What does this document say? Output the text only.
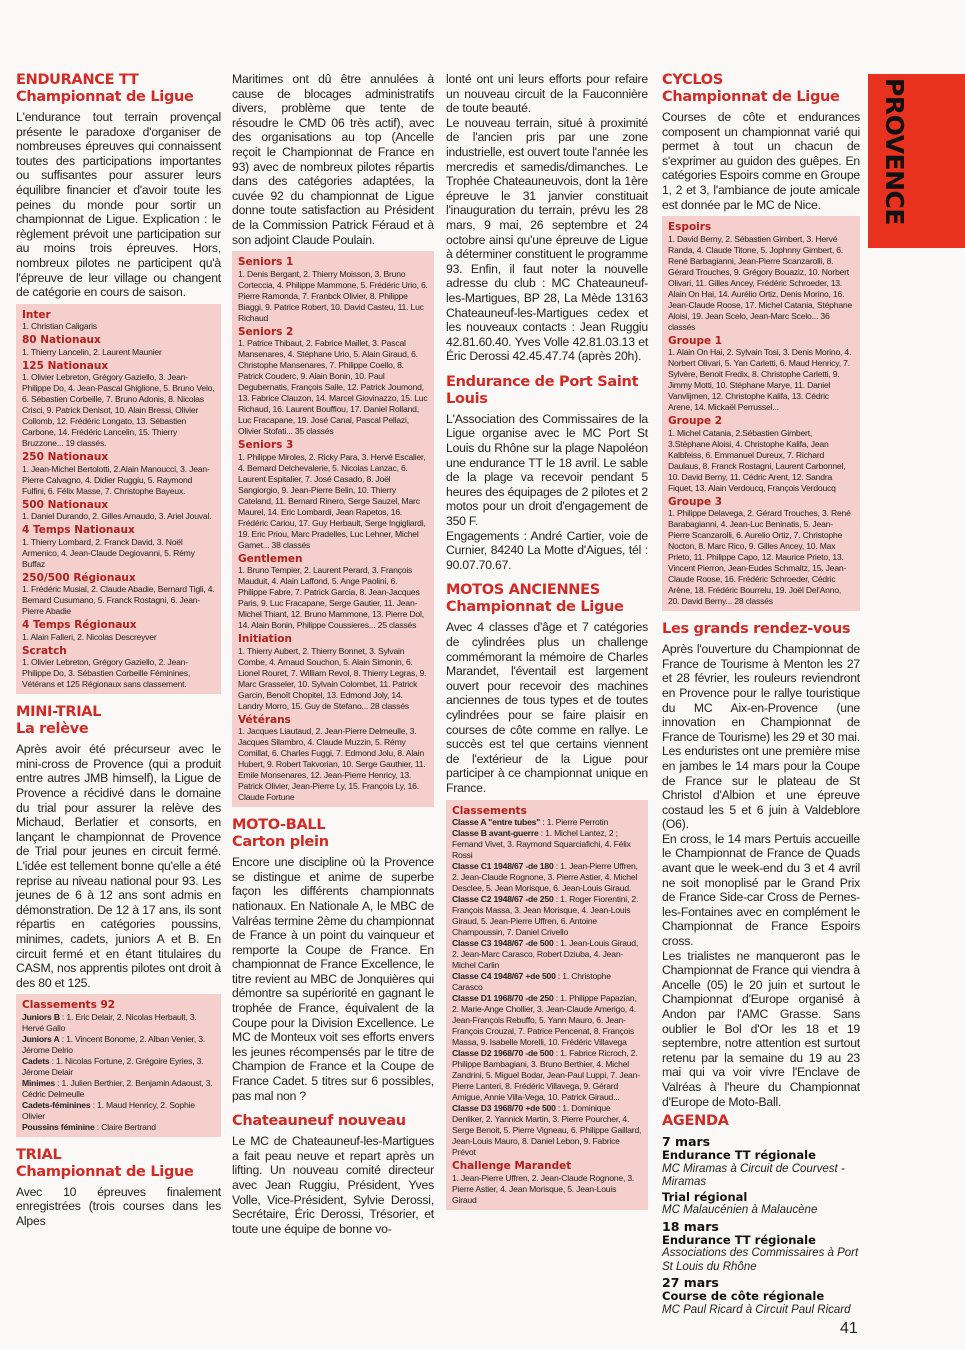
PROVENCE
ENDURANCE TT
Championnat de Ligue

L'endurance tout terrain provençal présente le paradoxe d'organiser de nombreuses épreuves qui connaissent toutes des participations importantes ou suffisantes pour assurer leurs équilibre financier et d'avoir toute les peines du monde pour sortir un championnat de Ligue. Explication : le règlement prévoit une participation sur au moins trois épreuves. Hors, nombreux pilotes ne participent qu'à l'épreuve de leur village ou changent de catégorie en cours de saison.

Inter

1. Christian Caligaris

80 Nationaux

1. Thierry Lancelin, 2. Laurent Maunier

125 Nationaux

1. Olivier Lebreton, Grégory Gaziello, 3. Jean-Philippe Do, 4. Jean-Pascal Ghiglione, 5. Bruno Velo, 6. Sébastien Corbeille, 7. Bruno Adonis, 8. Nicolas Crisci, 9. Patrick Denisot, 10. Alain Bressi, Olivier Collomb, 12. Frédéric Longato, 13. Sébastien Carbone, 14. Frédéric Lancelin, 15. Thierry Bruzzone... 19 classés.

250 Nationaux

1. Jean-Michel Bertolotti, 2.Alain Manoucci, 3. Jean-Pierre Calvagno, 4. Didier Ruggiu, 5. Raymond Fulfini, 6. Félix Masse, 7. Christophe Bayeux.

500 Nationaux

1. Daniel Durando, 2. Gilles Arnaudo, 3. Ariel Jouval.

4 Temps Nationaux

1. Thierry Lombard, 2. Franck David, 3. Noël Armenico, 4. Jean-Claude Degiovanni, 5. Rémy Buffaz

250/500 Régionaux

1. Frédéric Musial, 2. Claude Abadie, Bernard Tigli, 4. Bernard Cusumano, 5. Franck Rostagni, 6. Jean-Pierre Abadie

4 Temps Régionaux

1. Alain Falleri, 2. Nicolas Descreyver

Scratch

1. Olivier Lebreton, Grégory Gaziello, 2. Jean-Philippe Do, 3. Sébastien Corbeille Féminines, Vétérans et 125 Régionaux sans classement.

MINI-TRIAL
La relève

Après avoir été précurseur avec le mini-cross de Provence (qui a produit entre autres JMB himself), la Ligue de Provence a récidivé dans le domaine du trial pour assurer la relève des Michaud, Berlatier et consorts, en lançant le championnat de Provence de Trial pour jeunes en circuit fermé. L'idée est tellement bonne qu'elle a été reprise au niveau national pour 93. Les jeunes de 6 à 12 ans sont admis en démonstration. De 12 à 17 ans, ils sont répartis en catégories poussins, minimes, cadets, juniors A et B. En circuit fermé et en étant titulaires du CASM, nos apprentis pilotes ont droit à des 80 et 125.

Classements 92

Juniors B : 1. Eric Delair, 2. Nicolas Herbault, 3. Hervé Gallo

Juniors A : 1. Vincent Bonome, 2. Alban Venier, 3. Jérome Delrio

Cadets : 1. Nicolas Fortune, 2. Grégoire Eyries, 3. Jérome Delair

Minimes : 1. Julien Berthier, 2. Benjamin Adaoust, 3. Cédric Delmeulle

Cadets-féminines : 1. Maud Henricy, 2. Sophie Olivier

Poussins féminine : Claire Bertrand

TRIAL
Championnat de Ligue

Avec 10 épreuves finalement enregistrées (trois courses dans les Alpes

Maritimes ont dû être annulées à cause de blocages administratifs divers, problème que tente de résoudre le CMD 06 très actif), avec des organisations au top (Ancelle reçoit le Championnat de France en 93) avec de nombreux pilotes répartis dans des catégories adaptées, la cuvée 92 du championnat de Ligue donne toute satisfaction au Président de la Commission Patrick Féraud et à son adjoint Claude Poulain.

Seniors 1

1. Denis Bergant, 2. Thierry Moisson, 3. Bruno Corteccia, 4. Philippe Mammone, 5. Frédéric Urio, 6. Pierre Ramonda, 7. Franbck Olivier, 8. Philippe Biaggi, 9. Patrice Robert, 10. David Casteu, 11. Luc Richaud

Seniors 2

1. Patrice Thibaut, 2. Fabrice Maillet, 3. Pascal Mansenares, 4. Stéphane Urio, 5. Alain Giraud, 6. Christophe Mansenares, 7. Philippe Coello, 8. Patrick Couderc, 9. Alain Bonin, 10. Paul Degubernatis, François Salle, 12. Patrick Joumond, 13. Fabrice Clauzon, 14. Marcel Giovinazzo, 15. Luc Richaud, 16. Laurent Bouffiou, 17. Daniel Rolland, Luc Fracapane, 19. José Canal, Pascal Pellazi, Olivier Stofati... 35 classés

Seniors 3

1. Philippe Miroles, 2. Ricky Para, 3. Hervé Escalier, 4. Bernard Delchevalerie, 5. Nicolas Lanzac, 6. Laurent Espitalier, 7. José Casado, 8. Joël Sangiorgio, 9. Jean-Pierre Belin, 10. Thierry Cateland, 11. Bernard Rinero, Serge Sauzel, Marc Maurel, 14. Eric Lombardi, Jean Rapetos, 16. Frédéric Cariou, 17. Guy Herbault, Serge Ingigliardi, 19. Eric Priou, Marc Pradelles, Luc Lehner, Michel Gamet... 38 classés

Gentlemen

1. Bruno Tempier, 2. Laurent Perard, 3. François Mauduit, 4. Alain Laffond, 5. Ange Paolini, 6. Philippe Fabre, 7. Patrick Garcia, 8. Jean-Jacques Paris, 9. Luc Fracapane, Serge Gautier, 11. Jean-Michel Thiant, 12. Bruno Mammone, 13. Pierre Dol, 14. Alain Bonin, Philippe Coussieres... 25 classés

Initiation

1. Thierry Aubert, 2. Thierry Bonnet, 3. Sylvain Combe, 4. Arnaud Souchon, 5. Alain Simonin, 6. Lionel Rouret, 7. William Revol, 8. Thierry Legras, 9. Marc Grasseler, 10. Sylvain Colombet, 11. Patrick Garcin, Benoît Chopitel, 13. Edmond Joly, 14. Landry Morro, 15. Guy de Stefano... 28 classés

Vétérans

1. Jacques Liautaud, 2. Jean-Pierre Delmeulle, 3. Jacques Silambro, 4. Claude Muzzin, 5. Rémy Comillat, 6. Charles Fuggi, 7. Edmond Jolu, 8. Alain Hubert, 9. Robert Takvorian, 10. Serge Gauthier, 11. Emile Monsenares, 12. Jean-Pierre Henricy, 13. Patrick Olivier, Jean-Pierre Ly, 15. François Ly, 16. Claude Fortune

MOTO-BALL
Carton plein

Encore une discipline où la Provence se distingue et anime de superbe façon les différents championnats nationaux. En Nationale A, le MBC de Valréas termine 2ème du championnat de France à un point du vainqueur et remporte la Coupe de France. En championnat de France Excellence, le titre revient au MBC de Jonquières qui démontre sa supériorité en gagnant le trophée de France, équivalent de la Coupe pour la Division Excellence. Le MC de Monteux voit ses efforts envers les jeunes récompensés par le titre de Champion de France et la Coupe de France Cadet. 5 titres sur 6 possibles, pas mal non ?

Chateauneuf nouveau

Le MC de Chateauneuf-les-Martigues a fait peau neuve et repart après un lifting. Un nouveau comité directeur avec Jean Ruggiu, Président, Yves Volle, Vice-Président, Sylvie Derossi, Secrétaire, Éric Derossi, Trésorier, et toute une équipe de bonne vo-

lonté ont uni leurs efforts pour refaire un nouveau circuit de la Fauconnière de toute beauté.

Le nouveau terrain, situé à proximité de l'ancien pris par une zone industrielle, est ouvert toute l'année les mercredis et samedis/dimanches. Le Trophée Chateauneuvois, dont la 1ère épreuve le 31 janvier constituait l'inauguration du terrain, prévu les 28 mars, 9 mai, 26 septembre et 24 octobre ainsi qu'une épreuve de Ligue à déterminer constituent le programme 93. Enfin, il faut noter la nouvelle adresse du club : MC Chateauneuf-les-Martigues, BP 28, La Mède 13163 Chateauneuf-les-Martigues cedex et les nouveaux contacts : Jean Ruggiu 42.81.60.40. Yves Volle 42.81.03.13 et Éric Derossi 42.45.47.74 (après 20h).

Endurance de Port Saint
Louis

L'Association des Commissaires de la Ligue organise avec le MC Port St Louis du Rhône sur la plage Napoléon une endurance TT le 18 avril. Le sable de la plage va recevoir pendant 5 heures des équipages de 2 pilotes et 2 motos pour un droit d'engagement de 350 F.

Engagements : André Cartier, voie de Curnier, 84240 La Motte d'Aigues, tél : 90.07.70.67.

MOTOS ANCIENNES
Championnat de Ligue

Avec 4 classes d'âge et 7 catégories de cylindrées plus un challenge commémorant la mémoire de Charles Marandet, l'éventail est largement ouvert pour recevoir des machines anciennes de tous types et de toutes cylindrées pour se faire plaisir en courses de côte comme en rallye. Le succès est tel que certains viennent de l'extérieur de la Ligue pour participer à ce championnat unique en France.

Classements

Classe A "entre tubes" : 1. Pierre Perrotin

Classe B avant-guerre : 1. Michel Lantez, 2 ; Fernand Vivet, 3. Raymond Squarciafichi, 4. Félix Rossi

Classe C1 1948/67 -de 180 : 1. Jean-Pierre Uffren, 2. Jean-Claude Rognone, 3. Pierre Astier, 4. Michel Desclee, 5. Jean Morisque, 6. Jean-Louis Giraud.

Classe C2 1948/67 -de 250 : 1. Roger Fiorentini, 2. François Massa, 3. Jean Morisque, 4. Jean-Louis Giraud, 5. Jean-Pierre Uffren, 6. Antoine Champoussin, 7. Daniel Crivello

Classe C3 1948/67 -de 500 : 1. Jean-Louis Giraud, 2. Jean-Marc Carasco, Robert Dziuba, 4. Jean-Michel Carlin

Classe C4 1948/67 +de 500 : 1. Christophe Carasco

Classe D1 1968/70 -de 250 : 1. Philippe Papazian, 2. Marie-Ange Chollier, 3. Jean-Claude Amerigo, 4. Jean-François Rebuffo, 5. Yann Mauro, 6. Jean-François Crouzal, 7. Patrice Pencenat, 8. François Massa, 9. Isabelle Morelli, 10. Frédéric Villavega

Classe D2 1968/70 -de 500 : 1. Fabrice Ricroch, 2. Philippe Bambagiani, 3. Bruno Berthier, 4. Michel Zandrini, 5. Miguel Bodar, Jean-Paul Luppi, 7. Jean-Pierre Lanteri, 8. Frédéric Villavega, 9. Gérard Amigue, Annie Villa-Vega, 10. Patrick Giraud...

Classe D3 1968/70 +de 500 : 1. Dominique Denliker, 2. Yannick Martin, 3. Pierre Pourcher, 4. Serge Benoit, 5. Pierre Vigneau, 6. Philippe Gaillard, Jean-Louis Mauro, 8. Daniel Lebon, 9. Fabrice Prévot

Challenge Marandet

1. Jean-Pierre Uffren, 2. Jean-Claude Rognone, 3. Pierre Astier, 4. Jean Morisque, 5. Jean-Louis Giraud

CYCLOS
Championnat de Ligue

Courses de côte et endurances composent un championnat varié qui permet à tout un chacun de s'exprimer au guidon des guêpes. En catégories Espoirs comme en Groupe 1, 2 et 3, l'ambiance de joute amicale est donnée par le MC de Nice.

Espoirs

1. David Berny, 2. Sébastien Gimbert, 3. Hervé Randa, 4. Claude Titone, 5. Jophnny Gimbert, 6. René Barbagianni, Jean-Pierre Scanzarolli, 8. Gérard Trouches, 9. Grégory Bouaziz, 10. Norbert Olivari, 11. Gilles Ancey, Frédéric Schroeder, 13. Alain On Hai, 14. Aurélio Ortiz, Denis Morino, 16. Jean-Claude Roose, 17. Michel Catania, Stéphane Aloisi, 19. Jean Scelo, Jean-Marc Scelo... 36 classés

Groupe 1

1. Alain On Hai, 2. Sylvain Tosi, 3. Denis Morino, 4. Norbert Olivari, 5. Yan Carletti, 6. Maud Henricy, 7. Sylvère, Benoit Fredix, 8. Christophe Carletti, 9. Jimmy Motti, 10. Stéphane Marye, 11. Daniel Vanvlijmen, 12. Christophe Kalifa, 13. Cédric Arene, 14. Mickaël Perrussel...

Groupe 2

1. Michel Catania, 2.Sébastien Gimbert, 3.Stéphane Aloisi, 4. Christophe Kalifa, Jean Kalbfeiss, 6. Emmanuel Dureux, 7. Richard Daulaus, 8. Franck Rostagni, Laurent Carbonnel, 10. David Berny, 11. Cédric Arent, 12. Sandra Fiquet, 13. Alain Verdoucq, François Verdoucq

Groupe 3

1. Philippe Delavega, 2. Gérard Trouches, 3. René Barabagianni, 4. Jean-Luc Beninatis, 5. Jean-Pierre Scanzarolli, 6. Aurelio Ortiz, 7. Christophe Nocton, 8. Marc Rico, 9. Gilles Ancey, 10. Max Prieto, 11. Philippe Capo, 12. Maurice Prieto, 13. Vincent Pierron, Jean-Eudes Schmaltz, 15. Jean-Claude Roose, 16. Frédéric Schroeder, Cédric Arène, 18. Frédéric Bourrelu, 19. Joël Del'Anno, 20. David Berny... 28 classés

Les grands rendez-vous

Après l'ouverture du Championnat de France de Tourisme à Menton les 27 et 28 février, les rouleurs reviendront en Provence pour le rallye touristique du MC Aix-en-Provence (une innovation en Championnat de France de Tourisme) les 29 et 30 mai. Les enduristes ont une première mise en jambes le 14 mars pour la Coupe de France sur le plateau de St Christol d'Albion et une épreuve costaud les 5 et 6 juin à Valdeblore (O6).

En cross, le 14 mars Pertuis accueille le Championnat de France de Quads avant que le week-end du 3 et 4 avril ne soit monoplisé par le Grand Prix de France Side-car Cross de Pernes-les-Fontaines avec en complément le Championnat de France Espoirs cross.

Les trialistes ne manqueront pas le Championnat de France qui viendra à Ancelle (05) le 20 juin et surtout le Championnat d'Europe organisé à Andon par l'AMC Grasse. Sans oublier le Bol d'Or les 18 et 19 septembre, notre attention est surtout retenu par la semaine du 19 au 23 mai qui va voir vivre l'Enclave de Valréas à l'heure du Championnat d'Europe de Moto-Ball.

AGENDA
7 mars
Endurance TT régionale
MC Miramas à Circuit de Courvest - Miramas
Trial régional
MC Malaucénien à Malaucène
18 mars
Endurance TT régionale
Associations des Commissaires à Port St Louis du Rhône
27 mars
Course de côte régionale
MC Paul Ricard à Circuit Paul Ricard
41
